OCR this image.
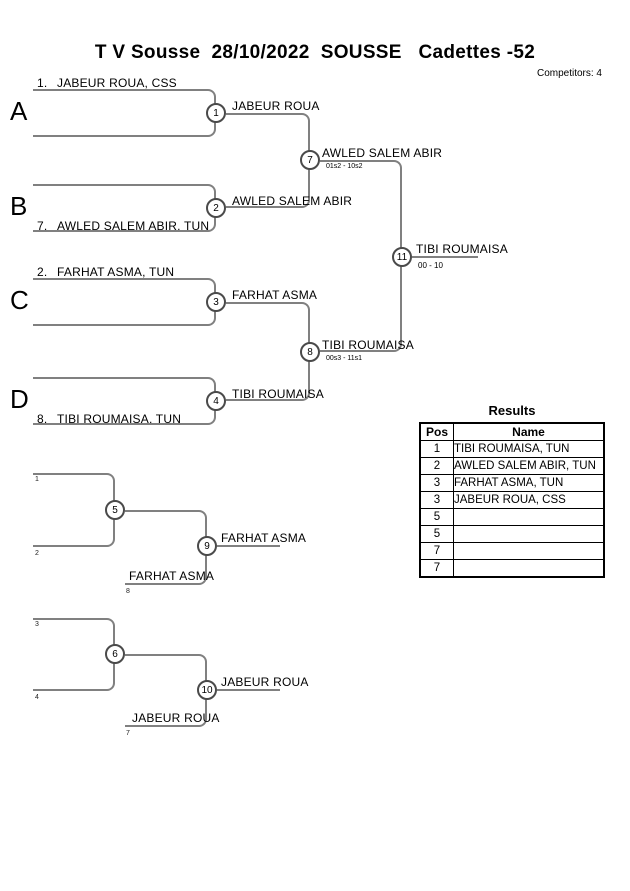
T V Sousse  28/10/2022  SOUSSE   Cadettes -52
Competitors: 4
A
1. JABEUR ROUA, CSS
1	JABEUR ROUA
B
7. AWLED SALEM ABIR, TUN
2	AWLED SALEM ABIR
7 AWLED SALEM ABIR
01s2 - 10s2
C
2. FARHAT ASMA, TUN
3	FARHAT ASMA
D
8. TIBI ROUMAISA, TUN
4	TIBI ROUMAISA
8 TIBI ROUMAISA
00s3 - 11s1
11
TIBI ROUMAISA
00 - 10
1
2
5
FARHAT ASMA
8
9
FARHAT ASMA
3
4
6
JABEUR ROUA
7
10
JABEUR ROUA
Results
Pos	Name
1	TIBI ROUMAISA, TUN
2	AWLED SALEM ABIR, TUN
3	FARHAT ASMA, TUN
3	JABEUR ROUA, CSS
5	
5	
7	
7	
